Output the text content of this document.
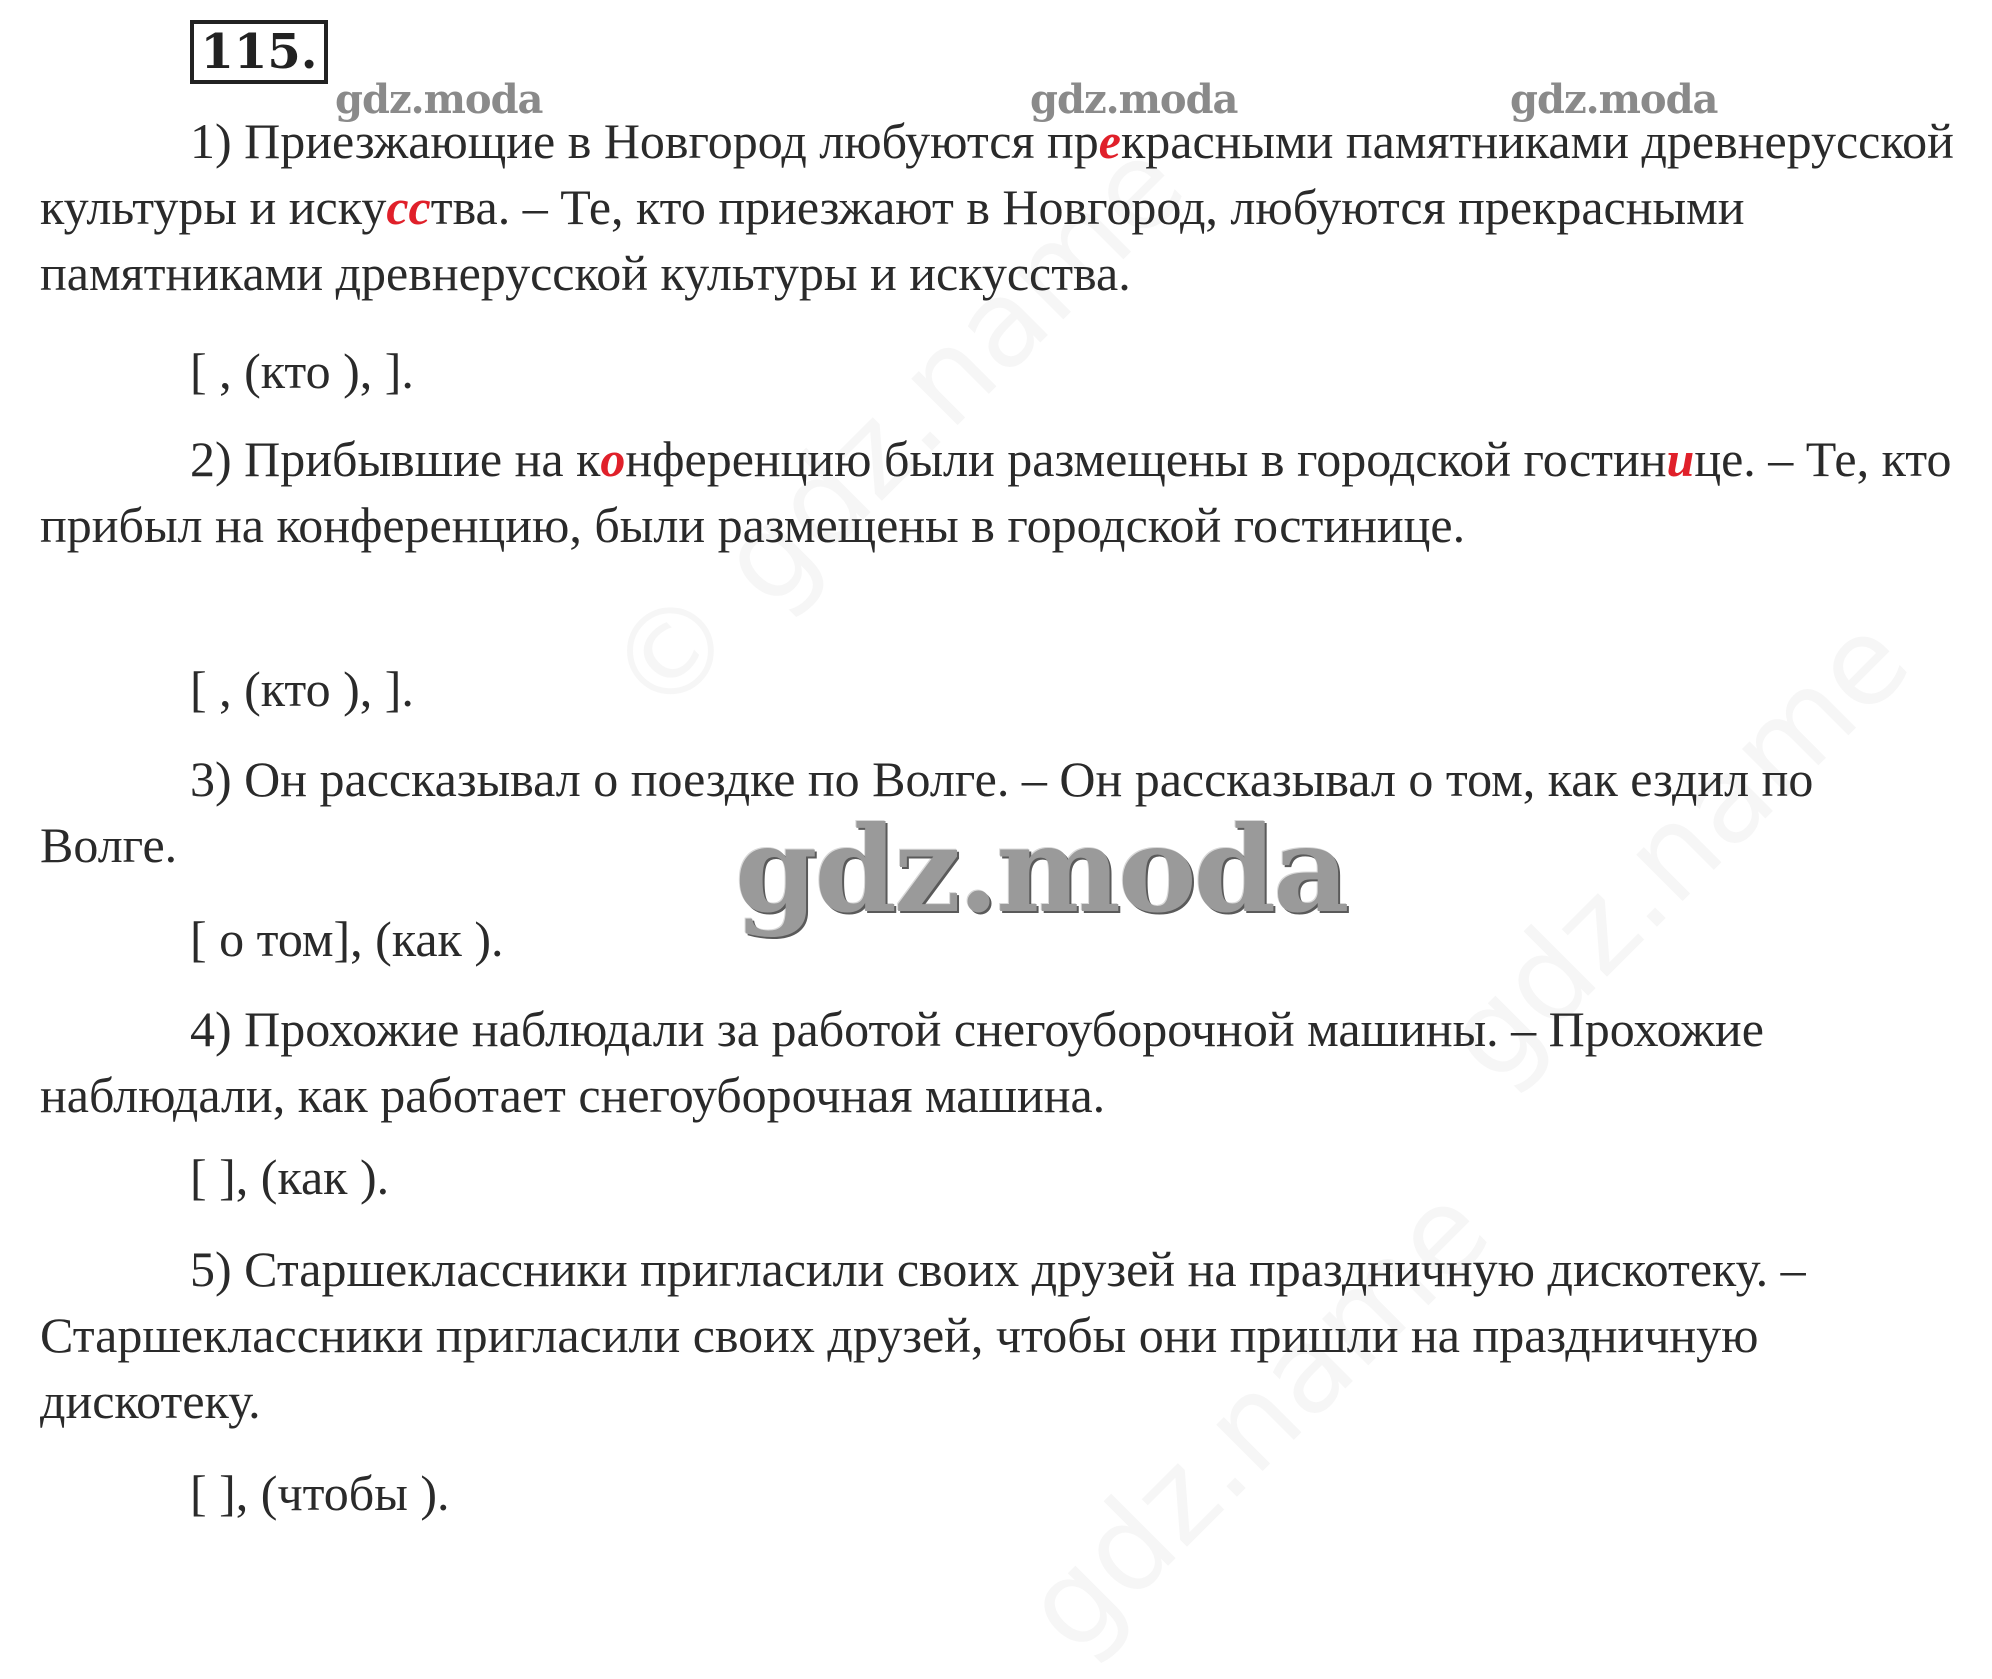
115.
gdz.moda	gdz.moda	gdz.moda

1) Приезжающие в Новгород любуются прекрасными памятниками древнерусской культуры и искусства. – Те, кто приезжают в Новгород, любуются прекрасными памятниками древнерусской культуры и искусства.

[ , (кто ), ].

2) Прибывшие на конференцию были размещены в городской гостинице. – Те, кто прибыл на конференцию, были размещены в городской гостинице.

[ , (кто ), ].

3) Он рассказывал о поездке по Волге. – Он рассказывал о том, как ездил по Волге.

[ о том], (как ).

4) Прохожие наблюдали за работой снегоуборочной машины. – Прохожие наблюдали, как работает снегоуборочная машина.

[ ], (как ).

5) Старшеклассники пригласили своих друзей на праздничную дискотеку. – Старшеклассники пригласили своих друзей, чтобы они пришли на праздничную дискотеку.

[ ], (чтобы ).
gdz.moda
